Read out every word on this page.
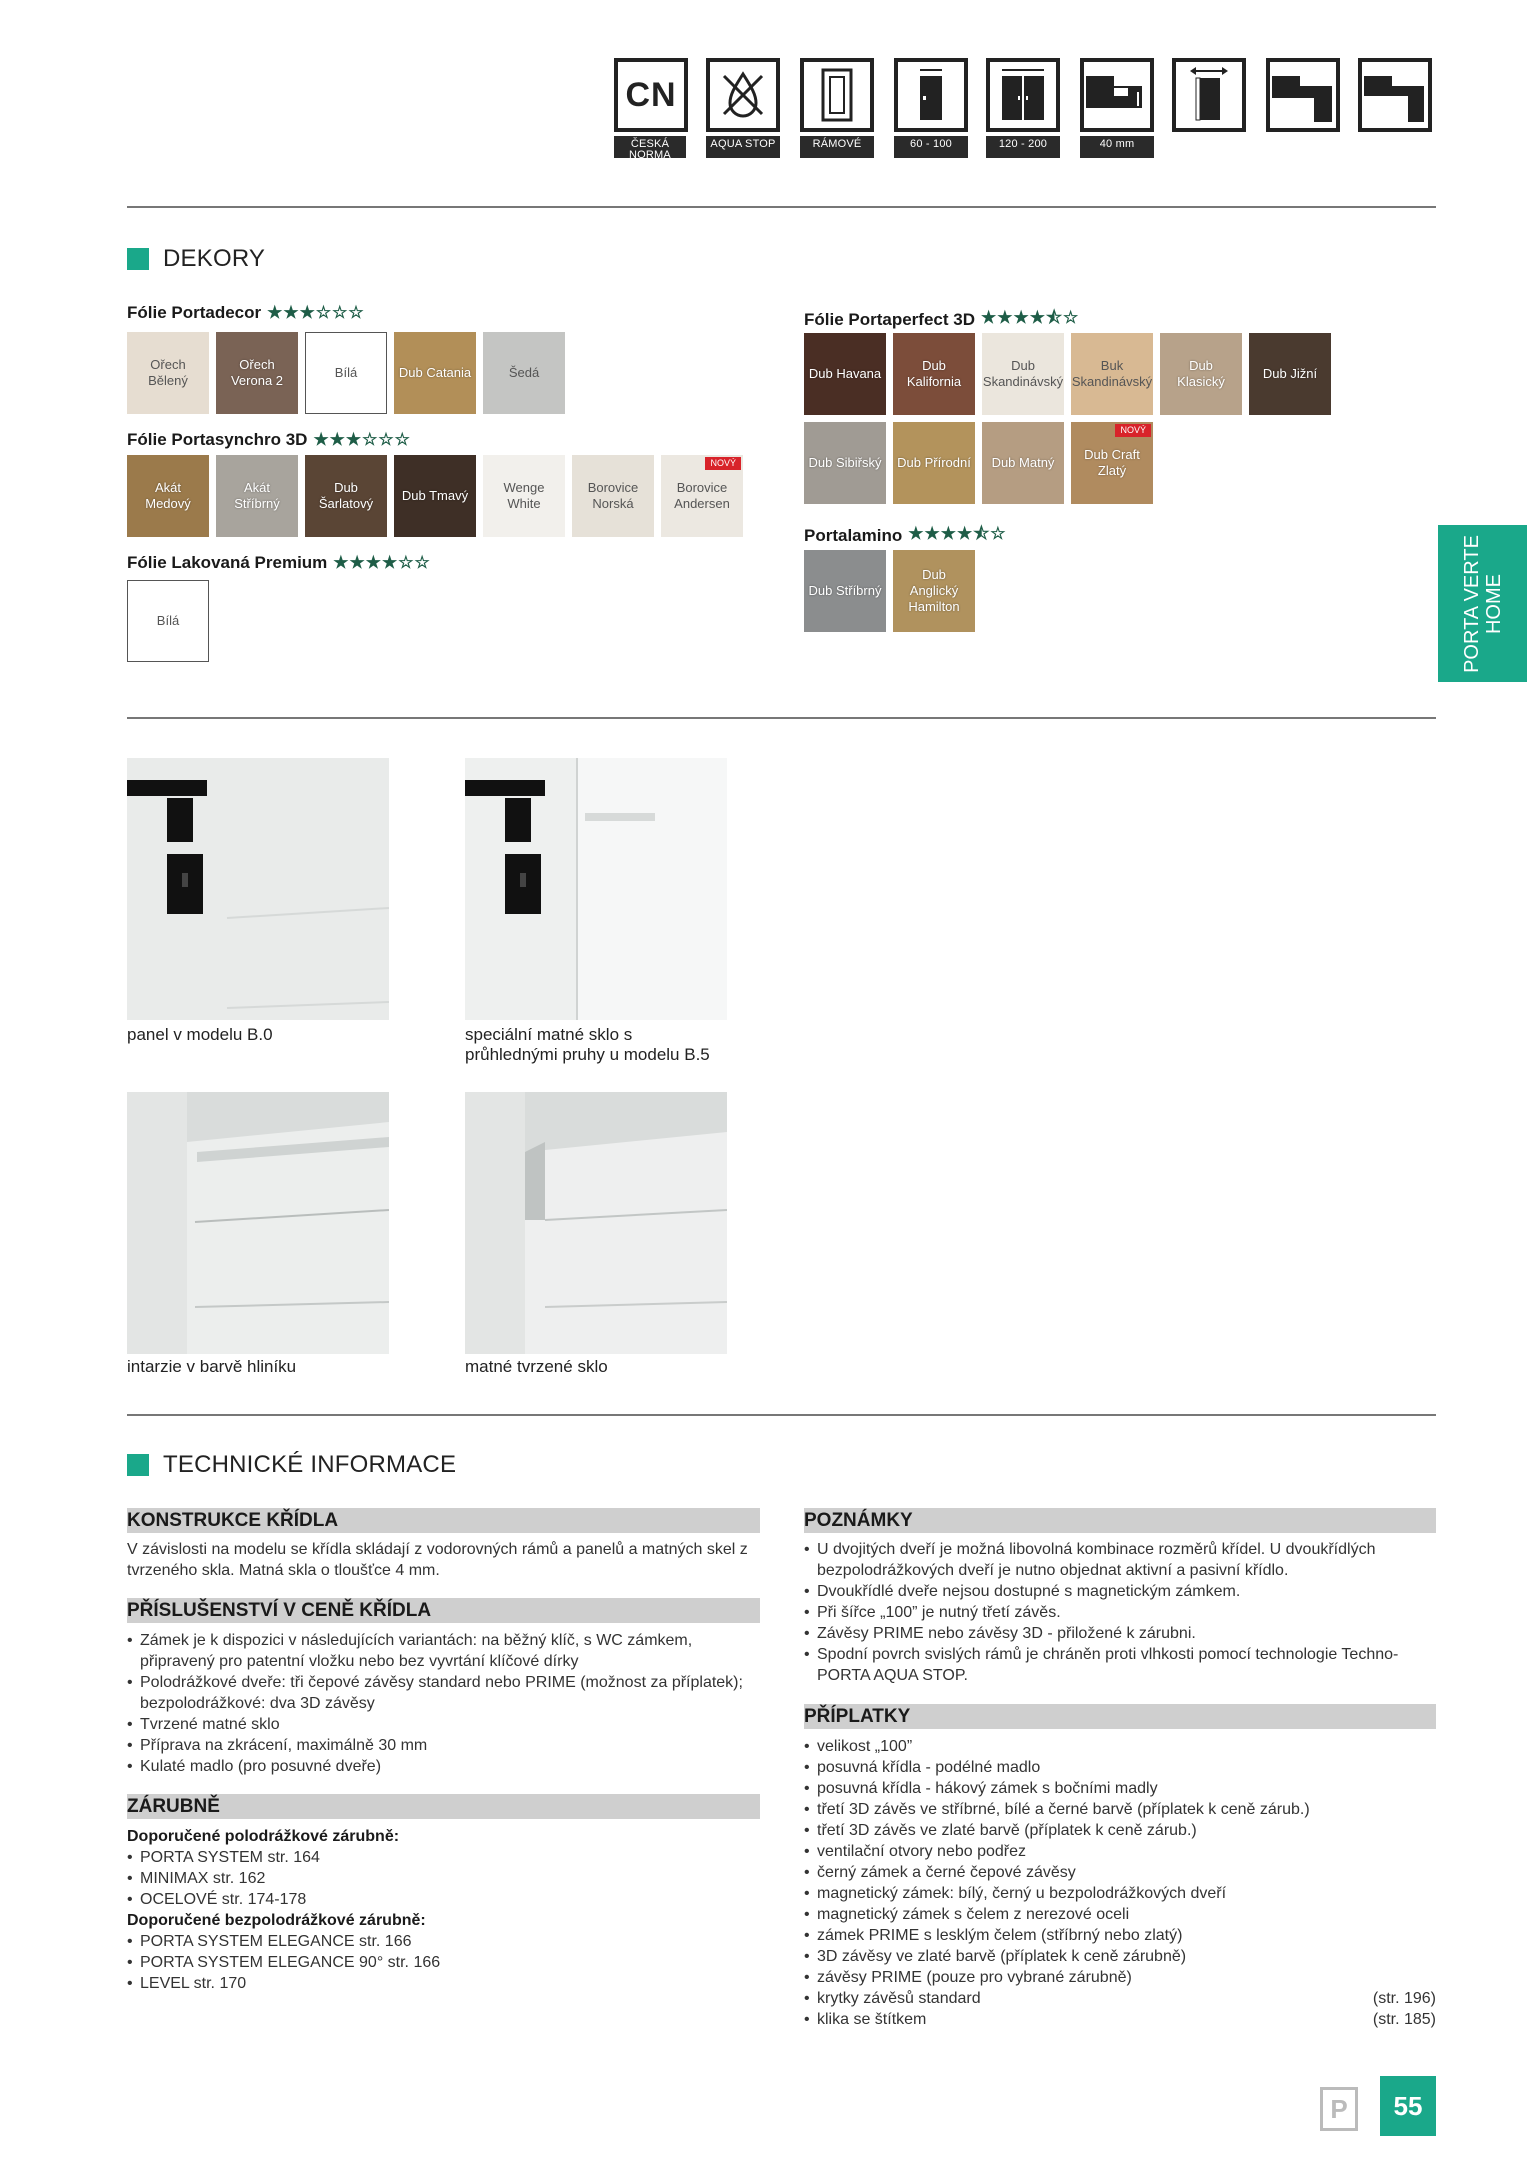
CN
ČESKÁ NORMA
AQUA STOP	RÁMOVÉ	60 - 100	120 - 200	40 mm
DEKORY
Fólie Portadecor ★★★☆☆☆
Ořech Bělený
Ořech Verona 2
Bílá	Dub Catania	Šedá
Fólie Portasynchro 3D ★★★☆☆☆
Akát Medový
Akát Stříbrný
Dub Šarlatový
Dub Tmavý
Wenge White
Borovice Norská
Borovice Andersen
NOVÝ
Fólie Lakovaná Premium ★★★★☆☆
Bílá
Fólie Portaperfect 3D ★★★★⯪☆
Dub Havana
Dub Kalifornia
Dub Skandinávský
Buk Skandinávský
Dub Klasický
Dub Jižní
Dub Sibiřský	Dub Přírodní	Dub Matný
Dub Craft Zlatý
NOVÝ
Portalamino ★★★★⯪☆
Dub Stříbrný
Dub Anglický Hamilton	PORTA VERTE HOME
panel v modelu B.0	speciální matné sklo s průhlednými pruhy u modelu B.5
intarzie v barvě hliníku	matné tvrzené sklo
TECHNICKÉ INFORMACE
KONSTRUKCE KŘÍDLA
V závislosti na modelu se křídla skládají z vodorovných rámů a panelů a matných skel z tvrzeného skla. Matná skla o tloušťce 4 mm.
PŘÍSLUŠENSTVÍ V CENĚ KŘÍDLA
• Zámek je k dispozici v následujících variantách: na běžný klíč, s WC zámkem, připravený pro patentní vložku nebo bez vyvrtání klíčové dírky
• Polodrážkové dveře: tři čepové závěsy standard nebo PRIME (možnost za příplatek); bezpolodrážkové: dva 3D závěsy
• Tvrzené matné sklo
• Příprava na zkrácení, maximálně 30 mm
• Kulaté madlo (pro posuvné dveře)
ZÁRUBNĚ
Doporučené polodrážkové zárubně:
• PORTA SYSTEM str. 164
• MINIMAX str. 162
• OCELOVÉ str. 174-178
Doporučené bezpolodrážkové zárubně:
• PORTA SYSTEM ELEGANCE str. 166
• PORTA SYSTEM ELEGANCE 90° str. 166
• LEVEL str. 170
POZNÁMKY
• U dvojitých dveří je možná libovolná kombinace rozměrů křídel. U dvoukřídlých bezpolodrážkových dveří je nutno objednat aktivní a pasivní křídlo.
• Dvoukřídlé dveře nejsou dostupné s magnetickým zámkem.
• Při šířce „100” je nutný třetí závěs.
• Závěsy PRIME nebo závěsy 3D - přiložené k zárubni.
• Spodní povrch svislých rámů je chráněn proti vlhkosti pomocí technologie Techno-PORTA AQUA STOP.
PŘÍPLATKY
• velikost „100”
• posuvná křídla - podélné madlo
• posuvná křídla - hákový zámek s bočními madly
• třetí 3D závěs ve stříbrné, bílé a černé barvě (příplatek k ceně zárub.)
• třetí 3D závěs ve zlaté barvě (příplatek k ceně zárub.)
• ventilační otvory nebo podřez
• černý zámek a černé čepové závěsy
• magnetický zámek: bílý, černý u bezpolodrážkových dveří
• magnetický zámek s čelem z nerezové oceli
• zámek PRIME s lesklým čelem (stříbrný nebo zlatý)
• 3D závěsy ve zlaté barvě (příplatek k ceně zárubně)
• závěsy PRIME (pouze pro vybrané zárubně)
• krytky závěsů standard	(str. 196)
• klika se štítkem	(str. 185)
P	55
